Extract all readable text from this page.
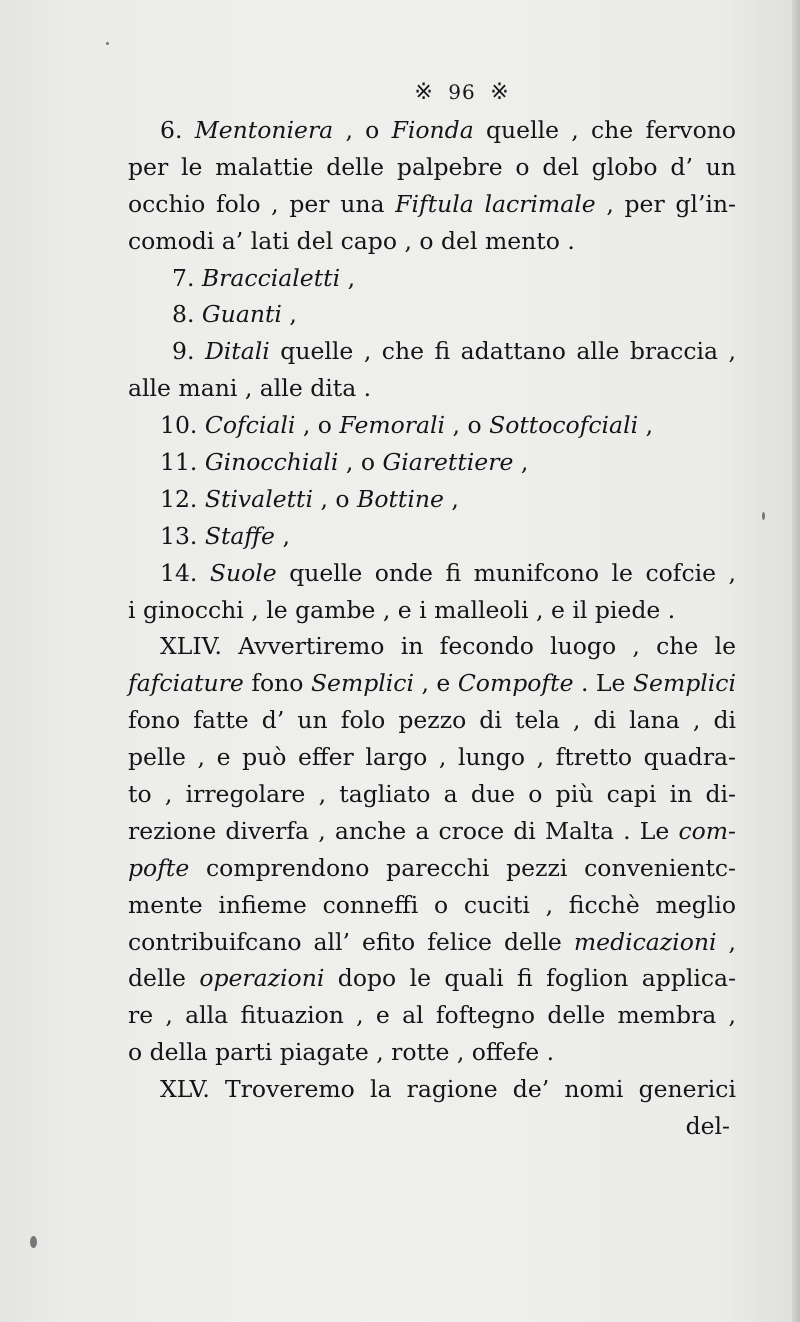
※ 96 ※
6. Mentoniera , o Fionda quelle , che fervono
per le malattie delle palpebre o del globo d’ un
occhio folo , per una Fiftula lacrimale , per gl’in-
comodi a’ lati del capo , o del mento .
7. Braccialetti ,
8. Guanti ,
9. Ditali quelle , che fi adattano alle braccia ,
alle mani , alle dita .
10. Cofciali , o Femorali , o Sottocofciali ,
11. Ginocchiali , o Giarettiere ,
12. Stivaletti , o Bottine ,
13. Staffe ,
14. Suole quelle onde fi munifcono le cofcie ,
i ginocchi , le gambe , e i malleoli , e il piede .
XLIV. Avvertiremo in fecondo luogo , che le
fafciature fono Semplici , e Compofte . Le Semplici
fono fatte d’ un folo pezzo di tela , di lana , di
pelle , e può effer largo , lungo , ftretto quadra-
to , irregolare , tagliato a due o più capi in di-
rezione diverfa , anche a croce di Malta . Le com-
pofte comprendono parecchi pezzi convenientc-
mente infieme conneffi o cuciti , ficchè meglio
contribuifcano all’ efito felice delle medicazioni ,
delle operazioni dopo le quali fi foglion applica-
re , alla fituazion , e al foftegno delle membra ,
o della parti piagate , rotte , offefe .
XLV. Troveremo la ragione de’ nomi generici
del-
